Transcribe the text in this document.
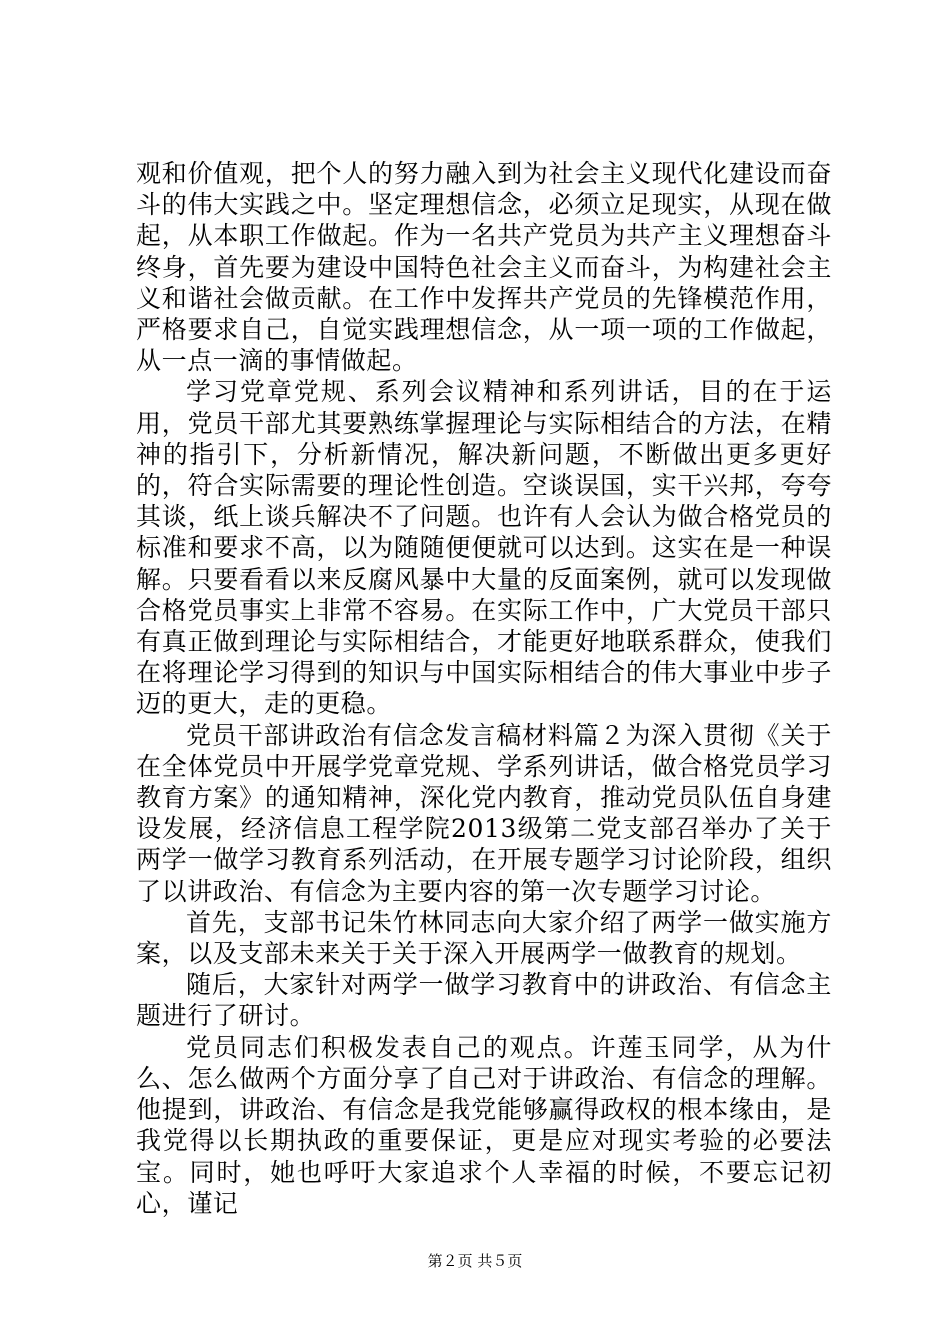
观和价值观，把个人的努力融入到为社会主义现代化建设而奋斗的伟大实践之中。坚定理想信念，必须立足现实，从现在做起，从本职工作做起。作为一名共产党员为共产主义理想奋斗终身，首先要为建设中国特色社会主义而奋斗，为构建社会主义和谐社会做贡献。在工作中发挥共产党员的先锋模范作用，严格要求自己，自觉实践理想信念，从一项一项的工作做起，从一点一滴的事情做起。

学习党章党规、系列会议精神和系列讲话，目的在于运用，党员干部尤其要熟练掌握理论与实际相结合的方法，在精神的指引下，分析新情况，解决新问题，不断做出更多更好的，符合实际需要的理论性创造。空谈误国，实干兴邦，夸夸其谈，纸上谈兵解决不了问题。也许有人会认为做合格党员的标准和要求不高，以为随随便便就可以达到。这实在是一种误解。只要看看以来反腐风暴中大量的反面案例，就可以发现做合格党员事实上非常不容易。在实际工作中，广大党员干部只有真正做到理论与实际相结合，才能更好地联系群众，使我们在将理论学习得到的知识与中国实际相结合的伟大事业中步子迈的更大，走的更稳。

党员干部讲政治有信念发言稿材料篇２为深入贯彻《关于在全体党员中开展学党章党规、学系列讲话，做合格党员学习教育方案》的通知精神，深化党内教育，推动党员队伍自身建设发展，经济信息工程学院2013级第二党支部召举办了关于两学一做学习教育系列活动，在开展专题学习讨论阶段，组织了以讲政治、有信念为主要内容的第一次专题学习讨论。

首先，支部书记朱竹林同志向大家介绍了两学一做实施方案，以及支部未来关于关于深入开展两学一做教育的规划。

随后，大家针对两学一做学习教育中的讲政治、有信念主题进行了研讨。

党员同志们积极发表自己的观点。许莲玉同学，从为什么、怎么做两个方面分享了自己对于讲政治、有信念的理解。他提到，讲政治、有信念是我党能够赢得政权的根本缘由，是我党得以长期执政的重要保证，更是应对现实考验的必要法宝。同时，她也呼吁大家追求个人幸福的时候，不要忘记初心，谨记

第２页 共５页
